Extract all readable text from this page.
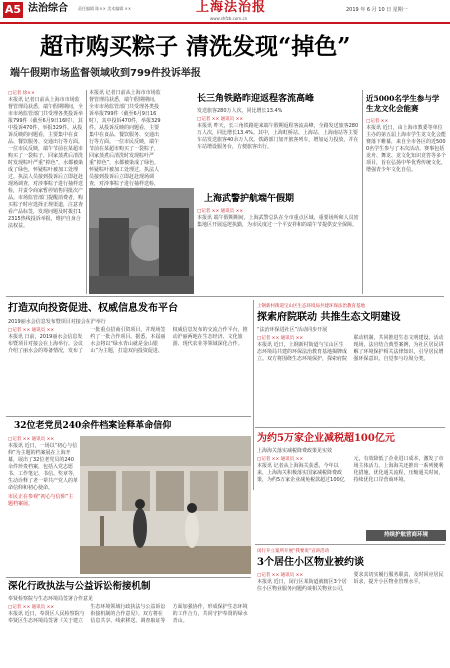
A5 法治综合	责任编辑 陈×× 美术编辑 ××	上海法治报
www.shfzb.com.cn
2019 年 6 月 10 日 星期一
超市购买粽子 清洗发现“掉色”
端午假期市场监督领域收到799件投诉举报
□记者 徐××
本报讯 记者日前从上海市市场监督管理局获悉，端午假期期间，全市市场监管部门共受理各类投诉举报799件（截至6月9日16时），其中投诉470件，举报329件。从投诉反映的问题看，主要集中在食品、餐饮服务、交通出行等方面。一位市民反映，端午节前在某超市购买了一袋粽子，回家蒸煮后清洗时发现粽叶严重“掉色”，水都被染成了绿色，怀疑粽叶被加工处理过。执法人员接到投诉后立即赶赴现场调查，对涉事粽子进行抽样送检，并责令商家暂停销售同批次产品。市场监管部门提醒消费者，购买粽子时应选择正规渠道，注意查看产品标签，发现问题及时拨打12315热线投诉举报，维护自身合法权益。
本报讯 记者日前从上海市市场监督管理局获悉，端午假期期间，全市市场监管部门共受理各类投诉举报799件（截至6月9日16时），其中投诉470件，举报329件。从投诉反映的问题看，主要集中在食品、餐饮服务、交通出行等方面。一位市民反映，端午节前在某超市购买了一袋粽子，回家蒸煮后清洗时发现粽叶严重“掉色”，水都被染成了绿色，怀疑粽叶被加工处理过。执法人员接到投诉后立即赶赴现场调查，对涉事粽子进行抽样送检，
长三角铁路昨迎返程客流高峰
发送旅客280万人次，同比增长13.4%
□记者 ×× 通讯员 ××
本报讯 昨天，长三角铁路迎来端午假期返程客流高峰，全路发送旅客280万人次，同比增长13.4%。其中，上海虹桥站、上海站、上海南站等主要车站发送旅客40余万人次。铁路部门加开旅客列车，增加运力投放，并在车站增设服务台，方便旅客出行。
上海武警护航端午假期
□记者 ×× 通讯员 ××
本报讯 端午假期期间，上海武警总队在全市重点区域、重要场所和人员密集地区开展巡逻执勤，为市民度过一个平安祥和的端午节提供安全保障。
近5000名学生参与学生龙文化会能赛
□记者 ××
本报讯 近日，由上海市教委等单位主办的第五届上海市学生龙文化会能赛落下帷幕，来自全市各区的近5000名学生参与了本次活动。赛事包括龙舟、舞龙、龙文化知识竞答等多个项目，旨在弘扬中华优秀传统文化，增强青少年文化自信。
打造双向投资促进、权威信息发布平台
2019丽水会信息发布暨项目对接会在沪举行
□记者 ×× 通讯员 ××
本报讯 日前，2019丽水会信息发布暨项目对接会在上海举行。会议介绍了丽水会的筹备情况，发布了一批重点招商引资项目，并现场签约了一批合作项目。据悉，本届丽水会将以“绿水青山就是金山银山”为主题，打造双向投资促进、权威信息发布的交流合作平台，推动沪丽两地在生态经济、文化旅游、现代农业等领域深化合作。
上钢新村街道宝山区生态环境局共建环保法治教育基地
探索府院联动 共推生态文明建设
“法治环保进社区”活动同步开展
□记者 ×× 通讯员 ××
本报讯 近日，上钢新村街道与宝山区生态环境局共建的环保法治教育基地揭牌成立。双方将围绕生态环境保护，探索府院联动机制，共同推进生态文明建设。活动现场，法官结合典型案例，为社区居民讲解了环境保护相关法律知识，引导居民增强环保意识，自觉参与垃圾分类。
32位老党员240余件档案诠释革命信仰
□记者 ×× 通讯员 ××
本报讯 近日，一场以“初心与信仰”为主题的档案展在上海开幕，展出了32位老党员的240余件珍贵档案，包括入党志愿书、工作笔记、书信、奖章等，生动诠释了老一辈共产党人的革命信仰和初心使命。
市民正在参观“初心与信仰”主题档案展。
为约5万家企业减税超100亿元
上海海关落实减税降费政策见实效
□记者 ×× 通讯员 ××
本报讯 记者从上海海关获悉，今年以来，上海海关积极落实国家减税降费政策，为约5万家企业减免税款超过100亿元，有效降低了企业进口成本，激发了市场主体活力。上海海关还推出一系列便利化措施，优化通关流程，压缩通关时间，持续优化口岸营商环境。
持续护航营商环境
深化行政执法与公益诉讼衔接机制
奉贤检察院与生态环境局签署合作意见
□记者 ×× 通讯员 ××
本报讯 近日，奉贤区人民检察院与奉贤区生态环境局签署《关于建立生态环境领域行政执法与公益诉讼衔接机制的合作意见》。双方将在信息共享、线索移送、调查取证等方面加强协作，形成保护生态环境的工作合力，共同守护奉贤的绿水青山。
闵行开立案所开展“我要说”宣讲活动
3个居住小区物业被约谈
□记者 ×× 通讯员 ××
本报讯 近日，闵行区某街道就辖区3个居住小区物业服务问题约谈相关物业公司，要求其切实履行服务职责，及时回应居民诉求，提升小区物业管理水平。
